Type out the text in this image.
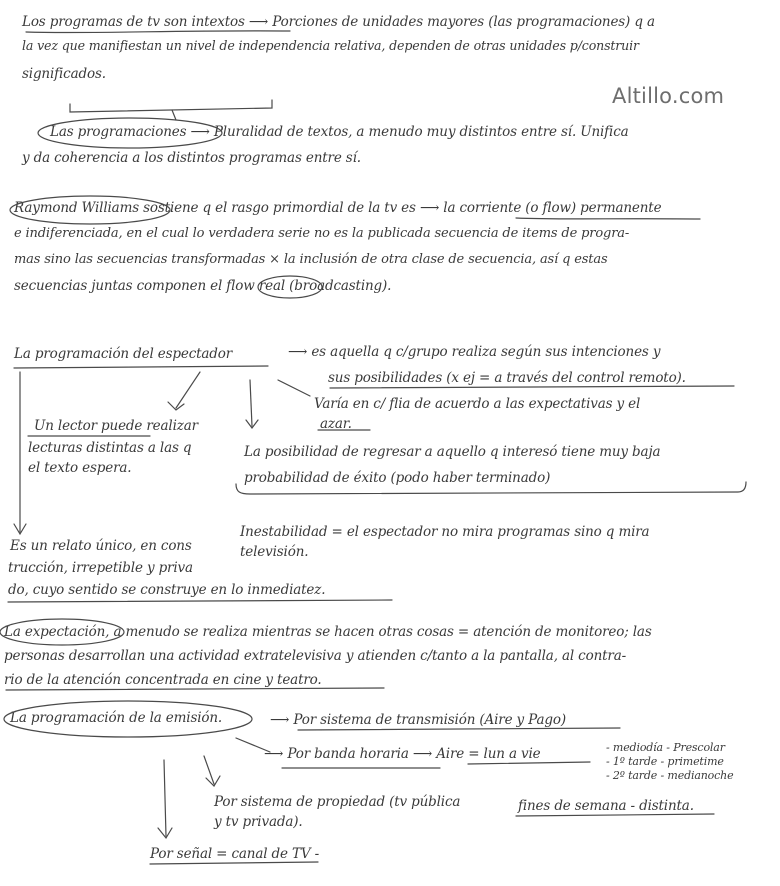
Altillo.com
Los programas de tv son intextos ⟶ Porciones de unidades mayores (las programaciones) q a
la vez que manifiestan un nivel de independencia relativa, dependen de otras unidades p/construir
significados.
Las programaciones ⟶ Pluralidad de textos, a menudo muy distintos entre sí. Unifica
y da coherencia a los distintos programas entre sí.
Raymond Williams sostiene q el rasgo primordial de la tv es ⟶ la corriente (o flow) permanente
e indiferenciada, en el cual lo verdadera serie no es la publicada secuencia de items de progra-
mas sino las secuencias transformadas × la inclusión de otra clase de secuencia, así q estas
secuencias juntas componen el flow real (broadcasting).
La programación del espectador	⟶ es aquella q c/grupo realiza según sus intenciones y
sus posibilidades (x ej = a través del control remoto).
Varía en c/ flia de acuerdo a las expectativas y el
azar.
Un lector puede realizar
lecturas distintas a las q
el texto espera.
La posibilidad de regresar a aquello q interesó tiene muy baja
probabilidad de éxito (podo haber terminado)
Inestabilidad = el espectador no mira programas sino q mira
televisión.
Es un relato único, en cons
trucción, irrepetible y priva
do, cuyo sentido se construye en lo inmediatez.
La expectación, a menudo se realiza mientras se hacen otras cosas = atención de monitoreo; las
personas desarrollan una actividad extratelevisiva y atienden c/tanto a la pantalla, al contra-
rio de la atención concentrada en cine y teatro.
La programación de la emisión.	⟶ Por sistema de transmisión (Aire y Pago)
⟶ Por banda horaria ⟶ Aire = lun a vie	- mediodía - Prescolar
- 1º tarde - primetime
- 2º tarde - medianoche
fines de semana - distinta.
Por sistema de propiedad (tv pública
y tv privada).
Por señal = canal de TV -
